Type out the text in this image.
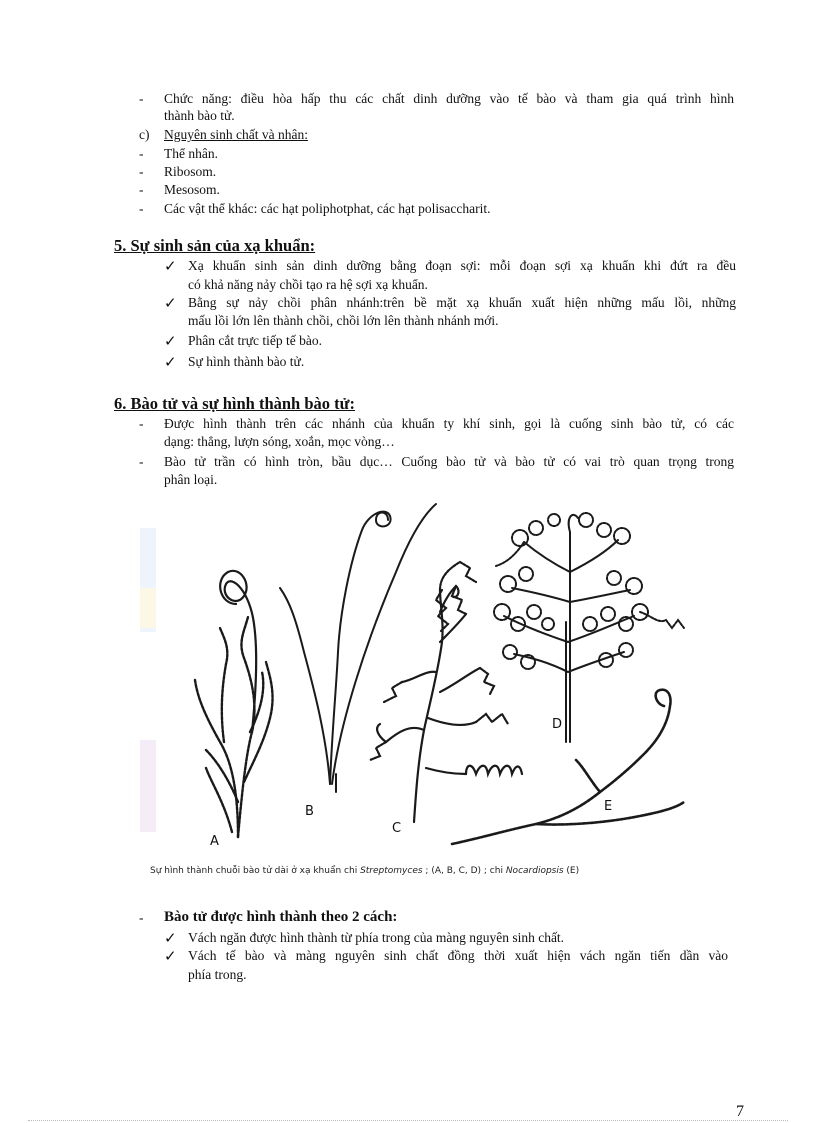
- Chức năng: điều hòa hấp thu các chất dinh dưỡng vào tế bào và tham gia quá trình hình
thành bào tử.
c) Nguyên sinh chất và nhân:
- Thể nhân.
- Ribosom.
- Mesosom.
- Các vật thể khác: các hạt poliphotphat, các hạt polisaccharit.
5. Sự sinh sản của xạ khuẩn:
✓ Xạ khuẩn sinh sản dinh dưỡng bằng đoạn sợi: mỗi đoạn sợi xạ khuẩn khi đứt ra đều
có khả năng nảy chồi tạo ra hệ sợi xạ khuẩn.
✓ Bằng sự nảy chồi phân nhánh:trên bề mặt xạ khuẩn xuất hiện những mấu lồi, những
mấu lồi lớn lên thành chồi, chồi lớn lên thành nhánh mới.
✓ Phân cắt trực tiếp tế bào.
✓ Sự hình thành bào tử.
6. Bào tử và sự hình thành bào tử:
- Được hình thành trên các nhánh của khuẩn ty khí sinh, gọi là cuống sinh bào tử, có các
dạng: thẳng, lượn sóng, xoắn, mọc vòng…
- Bào tử trần có hình tròn, bầu dục… Cuống bào tử và bào tử có vai trò quan trọng trong
phân loại.
A
B
C
D
E
Sự hình thành chuỗi bào tử dài ở xạ khuẩn chi Streptomyces ; (A, B, C, D) ; chi Nocardiopsis (E)
- Bào tử được hình thành theo 2 cách:
✓ Vách ngăn được hình thành từ phía trong của màng nguyên sinh chất.
✓ Vách tế bào và màng nguyên sinh chất đồng thời xuất hiện vách ngăn tiến dần vào
phía trong.
7
